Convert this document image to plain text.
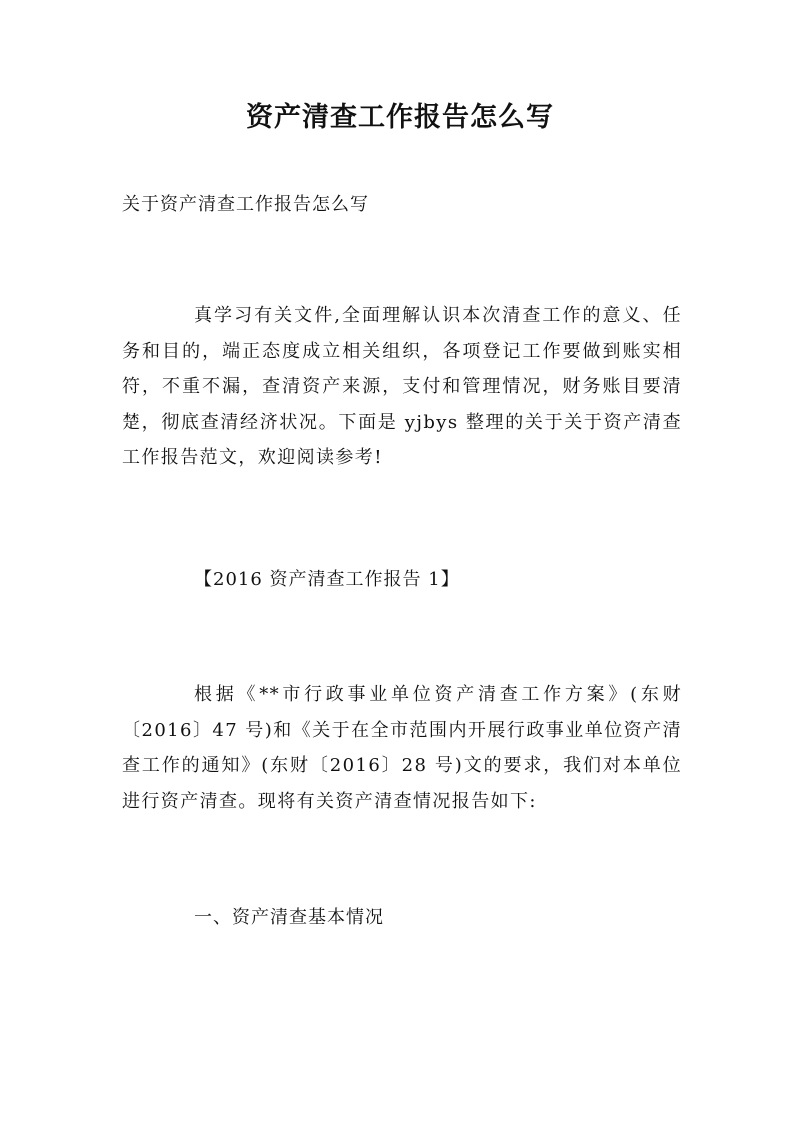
资产清查工作报告怎么写
关于资产清查工作报告怎么写

真学习有关文件,全面理解认识本次清查工作的意义、任务和目的，端正态度成立相关组织，各项登记工作要做到账实相符，不重不漏，查清资产来源，支付和管理情况，财务账目要清楚，彻底查清经济状况。下面是 yjbys 整理的关于关于资产清查工作报告范文，欢迎阅读参考!

【2016 资产清查工作报告 1】

根据《**市行政事业单位资产清查工作方案》(东财〔2016〕47 号)和《关于在全市范围内开展行政事业单位资产清查工作的通知》(东财〔2016〕28 号)文的要求，我们对本单位进行资产清查。现将有关资产清查情况报告如下:

一、资产清查基本情况
